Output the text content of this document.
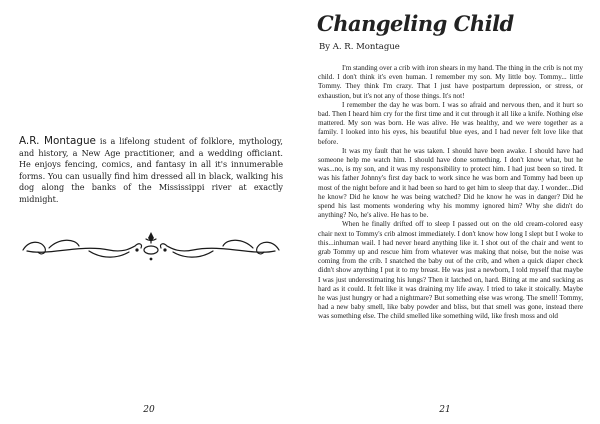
A.R. Montague is a lifelong student of folklore, mythology, and history, a New Age practitioner, and a wedding officiant. He enjoys fencing, comics, and fantasy in all it's innumerable forms. You can usually find him dressed all in black, walking his dog along the banks of the Mississippi river at exactly midnight.

20
Changeling Child

By A. R. Montague

I'm standing over a crib with iron shears in my hand. The thing in the crib is not my child. I don't think it's even human. I remember my son. My little boy. Tommy... little Tommy. They think I'm crazy. That I just have postpartum depression, or stress, or exhaustion, but it's not any of those things. It's not!

I remember the day he was born. I was so afraid and nervous then, and it hurt so bad. Then I heard him cry for the first time and it cut through it all like a knife. Nothing else mattered. My son was born. He was alive. He was healthy, and we were together as a family. I looked into his eyes, his beautiful blue eyes, and I had never felt love like that before.

It was my fault that he was taken. I should have been awake. I should have had someone help me watch him. I should have done something. I don't know what, but he was...no, is my son, and it was my responsibility to protect him. I had just been so tired. It was his father Johnny's first day back to work since he was born and Tommy had been up most of the night before and it had been so hard to get him to sleep that day. I wonder...Did he know? Did he know he was being watched? Did he know he was in danger? Did he spend his last moments wondering why his mommy ignored him? Why she didn't do anything? No, he's alive. He has to be.

When he finally drifted off to sleep I passed out on the old cream-colored easy chair next to Tommy's crib almost immediately. I don't know how long I slept but I woke to this...inhuman wail. I had never heard anything like it. I shot out of the chair and went to grab Tommy up and rescue him from whatever was making that noise, but the noise was coming from the crib. I snatched the baby out of the crib, and when a quick diaper check didn't show anything I put it to my breast. He was just a newborn, I told myself that maybe I was just underestimating his lungs? Then it latched on, hard. Biting at me and sucking as hard as it could. It felt like it was draining my life away. I tried to take it stoically. Maybe he was just hungry or had a nightmare? But something else was wrong. The smell! Tommy, had a new baby smell, like baby powder and bliss, but that smell was gone, instead there was something else. The child smelled like something wild, like fresh moss and old

21
